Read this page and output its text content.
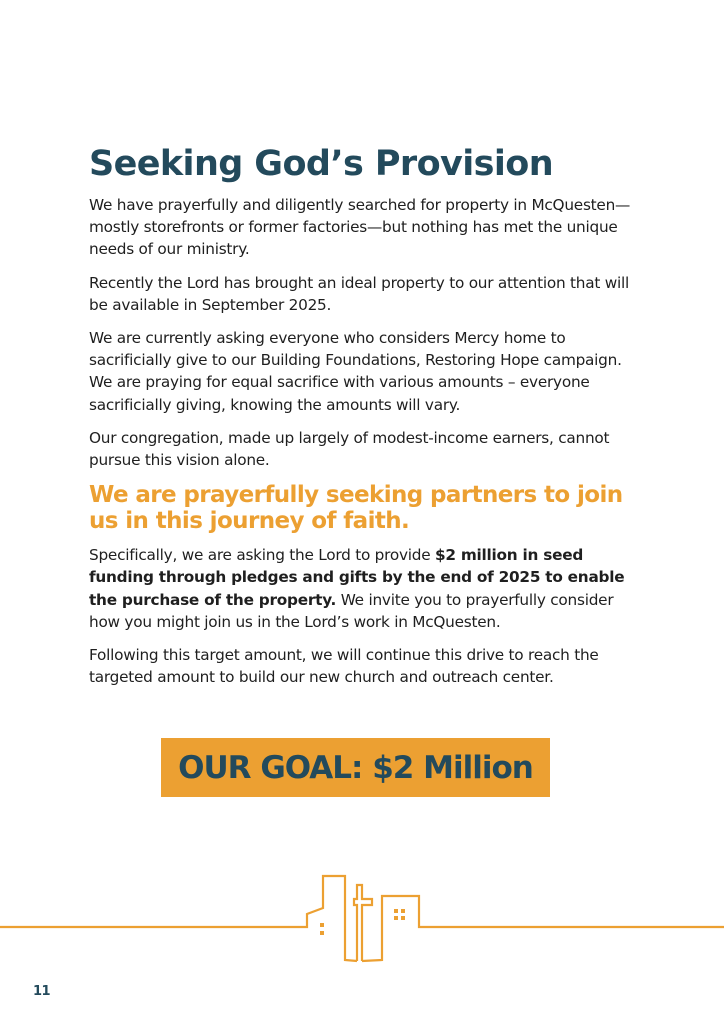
Seeking God’s Provision

We have prayerfully and diligently searched for property in McQuesten—mostly storefronts or former factories—but nothing has met the unique needs of our ministry.

Recently the Lord has brought an ideal property to our attention that will be available in September 2025.

We are currently asking everyone who considers Mercy home to sacrificially give to our Building Foundations, Restoring Hope campaign. We are praying for equal sacrifice with various amounts – everyone sacrificially giving, knowing the amounts will vary.

Our congregation, made up largely of modest-income earners, cannot pursue this vision alone.

We are prayerfully seeking partners to join us in this journey of faith.

Specifically, we are asking the Lord to provide $2 million in seed funding through pledges and gifts by the end of 2025 to enable the purchase of the property. We invite you to prayerfully consider how you might join us in the Lord’s work in McQuesten.

Following this target amount, we will continue this drive to reach the targeted amount to build our new church and outreach center.

OUR GOAL: $2 Million
11
